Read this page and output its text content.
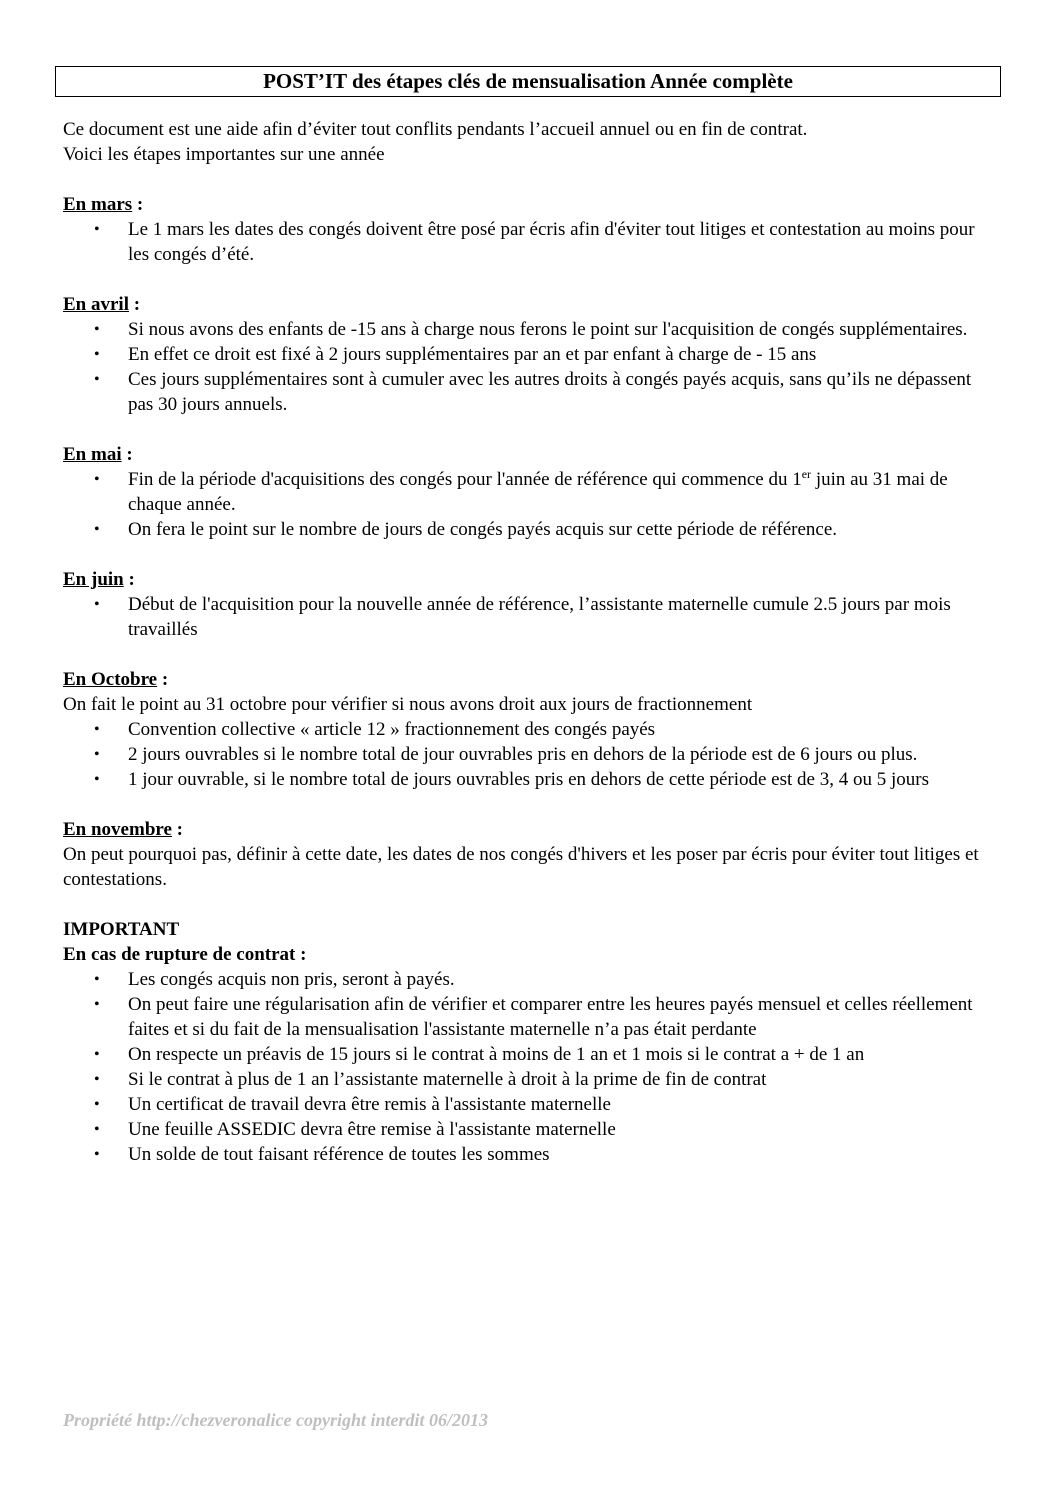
POST’IT des étapes clés de mensualisation Année complète

Ce document est une aide afin d’éviter tout conflits pendants l’accueil annuel ou en fin de contrat.

Voici les étapes importantes sur une année

En mars :

• Le 1 mars les dates des congés doivent être posé par écris afin d'éviter tout litiges et contestation au moins pour les congés d’été.

En avril :

• Si nous avons des enfants de -15 ans à charge nous ferons le point sur l'acquisition de congés supplémentaires.
• En effet ce droit est fixé à 2 jours supplémentaires par an et par enfant à charge de - 15 ans
• Ces jours supplémentaires sont à cumuler avec les autres droits à congés payés acquis, sans qu’ils ne dépassent pas 30 jours annuels.

En mai :

• Fin de la période d'acquisitions des congés pour l'année de référence qui commence du 1er juin au 31 mai de chaque année.
• On fera le point sur le nombre de jours de congés payés acquis sur cette période de référence.

En juin :

• Début de l'acquisition pour la nouvelle année de référence, l’assistante maternelle cumule 2.5 jours par mois travaillés

En Octobre :

On fait le point au 31 octobre pour vérifier si nous avons droit aux jours de fractionnement

• Convention collective « article 12 » fractionnement des congés payés
• 2 jours ouvrables si le nombre total de jour ouvrables pris en dehors de la période est de 6 jours ou plus.
• 1 jour ouvrable, si le nombre total de jours ouvrables pris en dehors de cette période est de 3, 4 ou 5 jours

En novembre :

On peut pourquoi pas, définir à cette date, les dates de nos congés d'hivers et les poser par écris pour éviter tout litiges et contestations.

IMPORTANT

En cas de rupture de contrat :

• Les congés acquis non pris, seront à payés.
• On peut faire une régularisation afin de vérifier et comparer entre les heures payés mensuel et celles réellement faites et si du fait de la mensualisation l'assistante maternelle n’a pas était perdante
• On respecte un préavis de 15 jours si le contrat à moins de 1 an et 1 mois si le contrat a + de 1 an
• Si le contrat à plus de 1 an l’assistante maternelle à droit à la prime de fin de contrat
• Un certificat de travail devra être remis à l'assistante maternelle
• Une feuille ASSEDIC devra être remise à l'assistante maternelle
• Un solde de tout faisant référence de toutes les sommes
Propriété http://chezveronalice copyright interdit 06/2013
